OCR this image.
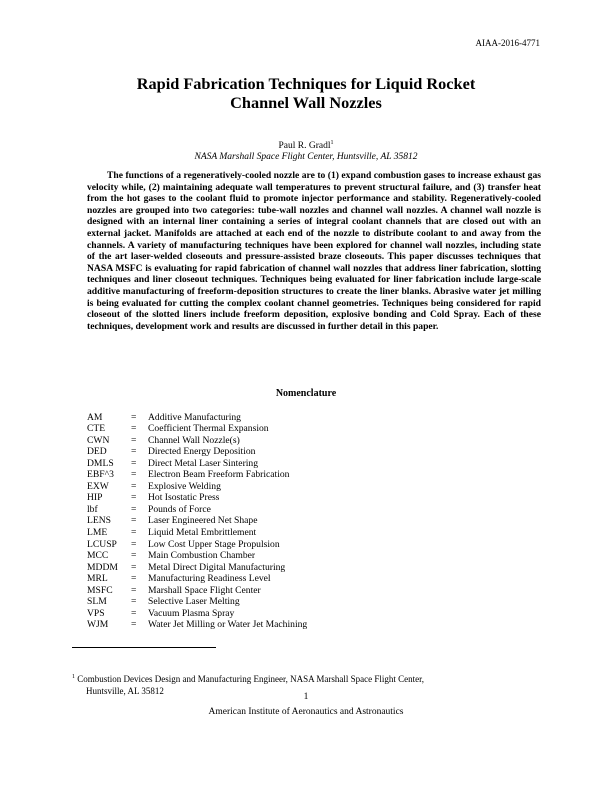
AIAA-2016-4771
Rapid Fabrication Techniques for Liquid Rocket
Channel Wall Nozzles
Paul R. Gradl$^1$
NASA Marshall Space Flight Center, Huntsville, AL 35812

The functions of a regeneratively-cooled nozzle are to (1) expand combustion gases to increase exhaust gas velocity while, (2) maintaining adequate wall temperatures to prevent structural failure, and (3) transfer heat from the hot gases to the coolant fluid to promote injector performance and stability. Regeneratively-cooled nozzles are grouped into two categories: tube-wall nozzles and channel wall nozzles. A channel wall nozzle is designed with an internal liner containing a series of integral coolant channels that are closed out with an external jacket. Manifolds are attached at each end of the nozzle to distribute coolant to and away from the channels. A variety of manufacturing techniques have been explored for channel wall nozzles, including state of the art laser-welded closeouts and pressure-assisted braze closeouts. This paper discusses techniques that NASA MSFC is evaluating for rapid fabrication of channel wall nozzles that address liner fabrication, slotting techniques and liner closeout techniques. Techniques being evaluated for liner fabrication include large-scale additive manufacturing of freeform-deposition structures to create the liner blanks. Abrasive water jet milling is being evaluated for cutting the complex coolant channel geometries. Techniques being considered for rapid closeout of the slotted liners include freeform deposition, explosive bonding and Cold Spray. Each of these techniques, development work and results are discussed in further detail in this paper.

Nomenclature
AM	= Additive Manufacturing
CTE	= Coefficient Thermal Expansion
CWN = Channel Wall Nozzle(s)
DED	= Directed Energy Deposition
DMLS = Direct Metal Laser Sintering
EBF^3 = Electron Beam Freeform Fabrication
EXW = Explosive Welding
HIP	= Hot Isostatic Press
lbf	= Pounds of Force
LENS = Laser Engineered Net Shape
LME = Liquid Metal Embrittlement
LCUSP = Low Cost Upper Stage Propulsion
MCC = Main Combustion Chamber
MDDM = Metal Direct Digital Manufacturing
MRL = Manufacturing Readiness Level
MSFC = Marshall Space Flight Center
SLM	= Selective Laser Melting
VPS	= Vacuum Plasma Spray
WJM = Water Jet Milling or Water Jet Machining
$^1$ Combustion Devices Design and Manufacturing Engineer, NASA Marshall Space Flight Center,
Huntsville, AL 35812
1
American Institute of Aeronautics and Astronautics
